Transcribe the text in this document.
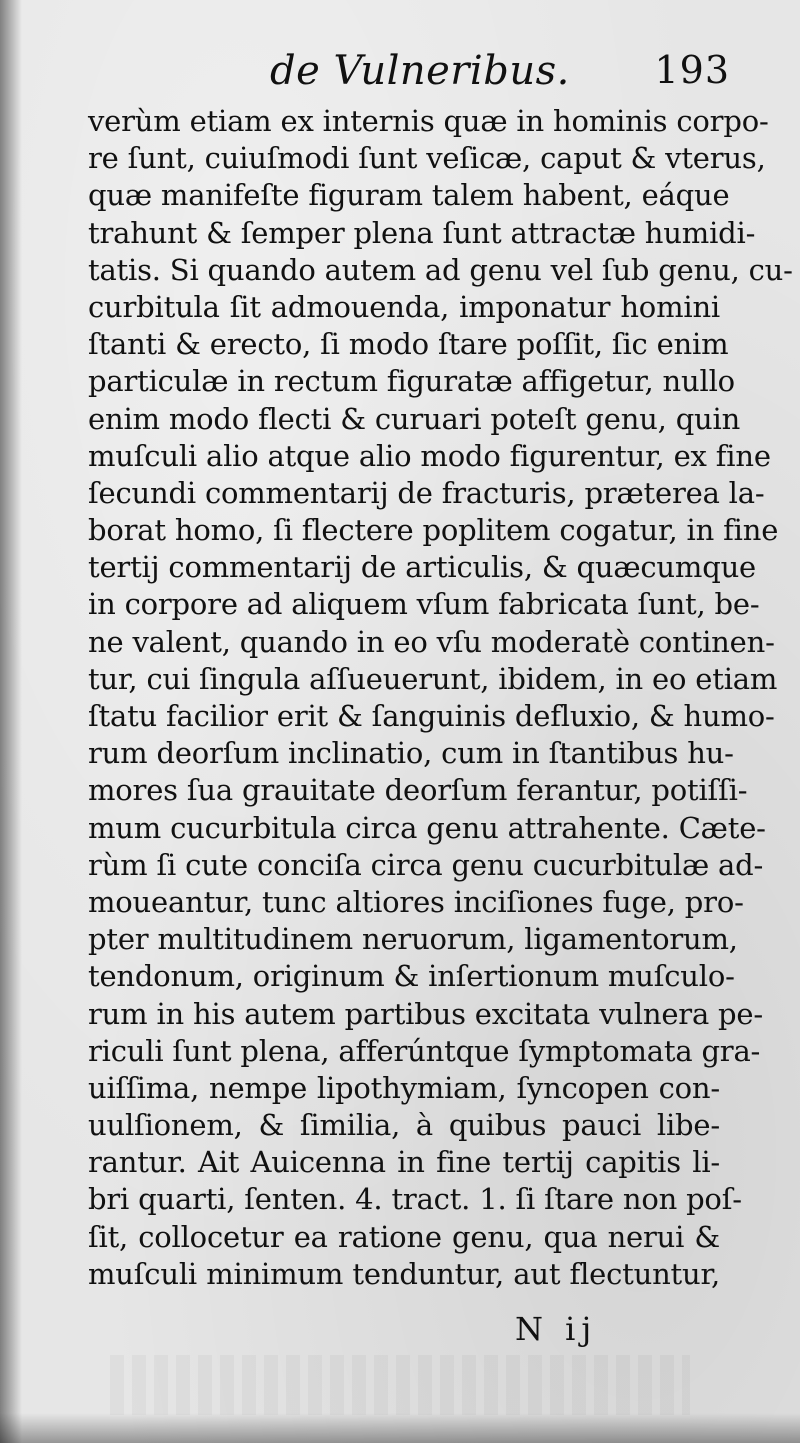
de Vulneribus. 193
verùm etiam ex internis quæ in hominis corpo-
re ſunt, cuiuſmodi ſunt veſicæ, caput & vterus,
quæ manifeſte figuram talem habent, eáque
trahunt & ſemper plena ſunt attractæ humidi-
tatis. Si quando autem ad genu vel ſub genu, cu-
curbitula ſit admouenda, imponatur homini
ſtanti & erecto, ſi modo ſtare poſſit, ſic enim
particulæ in rectum figuratæ affigetur, nullo
enim modo flecti & curuari poteſt genu, quin
muſculi alio atque alio modo figurentur, ex fine
ſecundi commentarij de fracturis, præterea la-
borat homo, ſi flectere poplitem cogatur, in fine
tertij commentarij de articulis, & quæcumque
in corpore ad aliquem vſum fabricata ſunt, be-
ne valent, quando in eo vſu moderatè continen-
tur, cui ſingula aſſueuerunt, ibidem, in eo etiam
ſtatu facilior erit & ſanguinis defluxio, & humo-
rum deorſum inclinatio, cum in ſtantibus hu-
mores ſua grauitate deorſum ferantur, potiſſi-
mum cucurbitula circa genu attrahente. Cæte-
rùm ſi cute conciſa circa genu cucurbitulæ ad-
moueantur, tunc altiores inciſiones fuge, pro-
pter multitudinem neruorum, ligamentorum,
tendonum, originum & inſertionum muſculo-
rum in his autem partibus excitata vulnera pe-
riculi ſunt plena, afferúntque ſymptomata gra-
uiſſima, nempe lipothymiam, ſyncopen con-
uulſionem, & ſimilia, à quibus pauci libe-
rantur. Ait Auicenna in fine tertij capitis li-
bri quarti, ſenten. 4. tract. 1. ſi ſtare non poſ-
ſit, collocetur ea ratione genu, qua nerui &
muſculi minimum tenduntur, aut flectuntur,
N ij
